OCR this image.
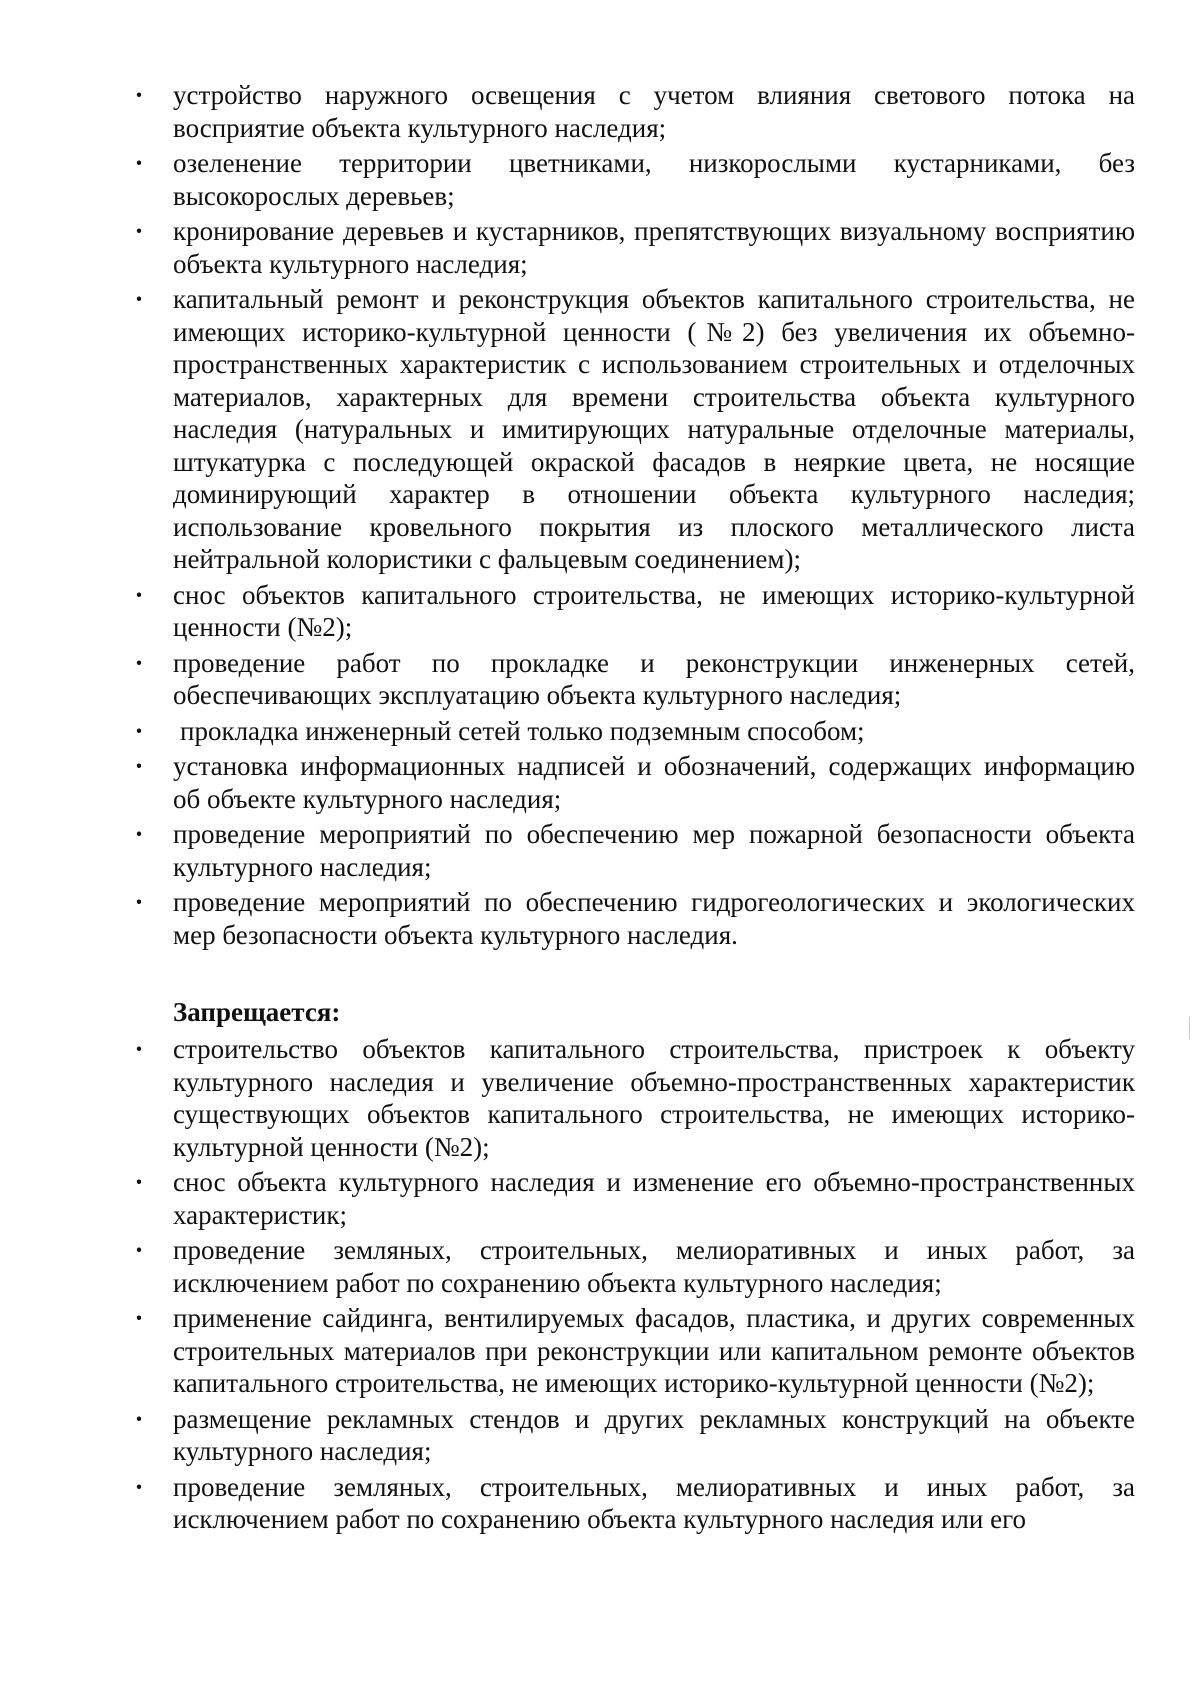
· устройство наружного освещения с учетом влияния светового потока на восприятие объекта культурного наследия;
· озеленение территории цветниками, низкорослыми кустарниками, без высокорослых деревьев;
· кронирование деревьев и кустарников, препятствующих визуальному восприятию объекта культурного наследия;
· капитальный ремонт и реконструкция объектов капитального строительства, не имеющих историко-культурной ценности (№2) без увеличения их объемно-пространственных характеристик с использованием строительных и отделочных материалов, характерных для времени строительства объекта культурного наследия (натуральных и имитирующих натуральные отделочные материалы, штукатурка с последующей окраской фасадов в неяркие цвета, не носящие доминирующий характер в отношении объекта культурного наследия; использование кровельного покрытия из плоского металлического листа нейтральной колористики с фальцевым соединением);
· снос объектов капитального строительства, не имеющих историко-культурной ценности (№2);
· проведение работ по прокладке и реконструкции инженерных сетей, обеспечивающих эксплуатацию объекта культурного наследия;
· прокладка инженерный сетей только подземным способом;
· установка информационных надписей и обозначений, содержащих информацию об объекте культурного наследия;
· проведение мероприятий по обеспечению мер пожарной безопасности объекта культурного наследия;
· проведение мероприятий по обеспечению гидрогеологических и экологических мер безопасности объекта культурного наследия.
Запрещается:
· строительство объектов капитального строительства, пристроек к объекту культурного наследия и увеличение объемно-пространственных характеристик существующих объектов капитального строительства, не имеющих историко-культурной ценности (№2);
· снос объекта культурного наследия и изменение его объемно-пространственных характеристик;
· проведение земляных, строительных, мелиоративных и иных работ, за исключением работ по сохранению объекта культурного наследия;
· применение сайдинга, вентилируемых фасадов, пластика, и других современных строительных материалов при реконструкции или капитальном ремонте объектов капитального строительства, не имеющих историко-культурной ценности (№2);
· размещение рекламных стендов и других рекламных конструкций на объекте культурного наследия;
· проведение земляных, строительных, мелиоративных и иных работ, за исключением работ по сохранению объекта культурного наследия или его
